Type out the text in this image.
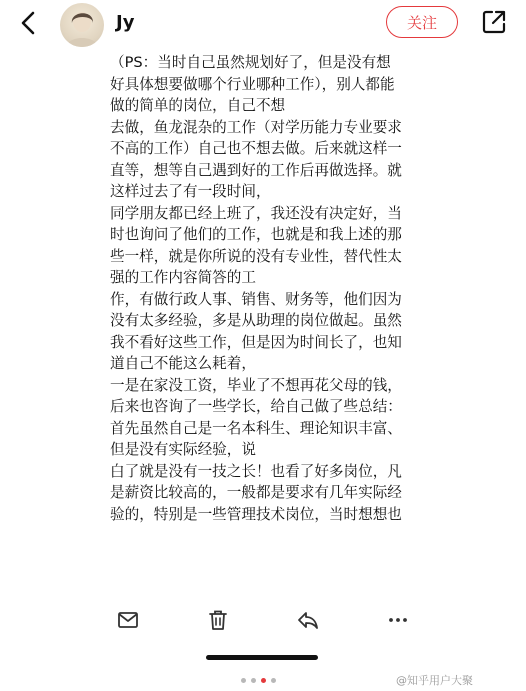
Jy	关注

（PS：当时自己虽然规划好了，但是没有想

好具体想要做哪个行业哪种工作），别人都能

做的简单的岗位，自己不想

去做，鱼龙混杂的工作（对学历能力专业要求

不高的工作）自己也不想去做。后来就这样一

直等，想等自己遇到好的工作后再做选择。就

这样过去了有一段时间，

同学朋友都已经上班了，我还没有决定好，当

时也询问了他们的工作，也就是和我上述的那

些一样，就是你所说的没有专业性，替代性太

强的工作内容简答的工

作，有做行政人事、销售、财务等，他们因为

没有太多经验，多是从助理的岗位做起。虽然

我不看好这些工作，但是因为时间长了，也知

道自己不能这么耗着，

一是在家没工资，毕业了不想再花父母的钱，

后来也咨询了一些学长，给自己做了些总结：

首先虽然自己是一名本科生、理论知识丰富、

但是没有实际经验，说

白了就是没有一技之长！也看了好多岗位，凡

是薪资比较高的，一般都是要求有几年实际经

验的，特别是一些管理技术岗位，当时想想也

@知乎用户大聚
